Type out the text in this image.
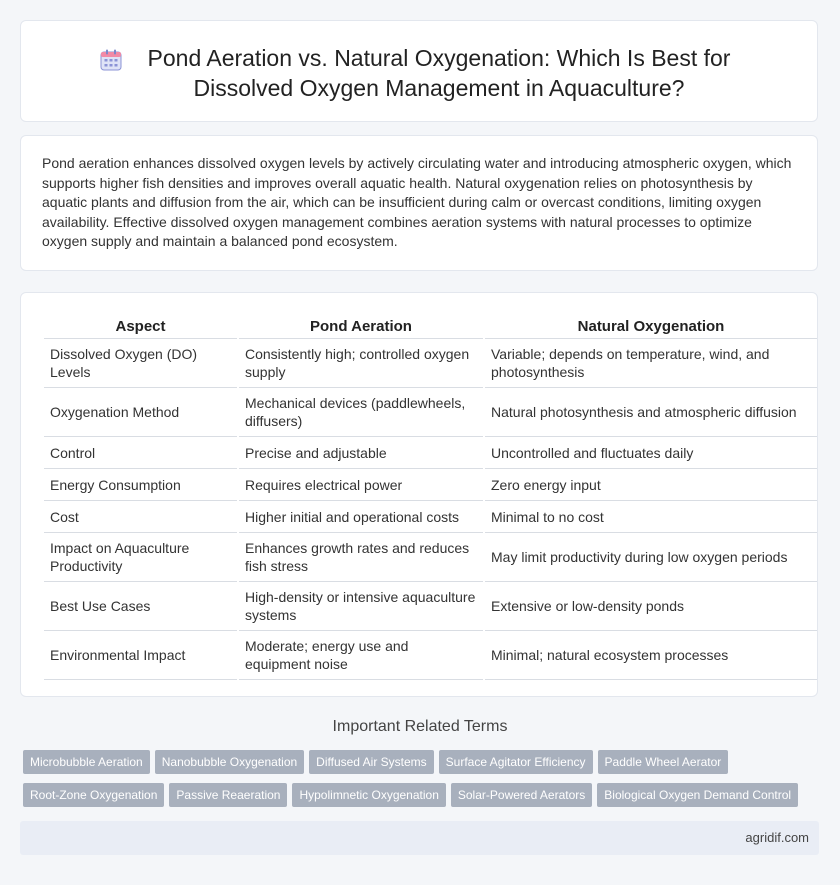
Pond Aeration vs. Natural Oxygenation: Which Is Best for Dissolved Oxygen Management in Aquaculture?

Pond aeration enhances dissolved oxygen levels by actively circulating water and introducing atmospheric oxygen, which supports higher fish densities and improves overall aquatic health. Natural oxygenation relies on photosynthesis by aquatic plants and diffusion from the air, which can be insufficient during calm or overcast conditions, limiting oxygen availability. Effective dissolved oxygen management combines aeration systems with natural processes to optimize oxygen supply and maintain a balanced pond ecosystem.

Aspect	Pond Aeration	Natural Oxygenation
Dissolved Oxygen (DO) Levels	Consistently high; controlled oxygen supply	Variable; depends on temperature, wind, and photosynthesis
Oxygenation Method	Mechanical devices (paddlewheels, diffusers)	Natural photosynthesis and atmospheric diffusion
Control	Precise and adjustable	Uncontrolled and fluctuates daily
Energy Consumption	Requires electrical power	Zero energy input
Cost	Higher initial and operational costs	Minimal to no cost
Impact on Aquaculture Productivity	Enhances growth rates and reduces fish stress	May limit productivity during low oxygen periods
Best Use Cases	High-density or intensive aquaculture systems	Extensive or low-density ponds
Environmental Impact	Moderate; energy use and equipment noise	Minimal; natural ecosystem processes
Important Related Terms
Microbubble Aeration Nanobubble Oxygenation Diffused Air Systems Surface Agitator Efficiency Paddle Wheel AeratorRoot-Zone Oxygenation Passive Reaeration Hypolimnetic Oxygenation Solar-Powered Aerators Biological Oxygen Demand Control
agridif.com
